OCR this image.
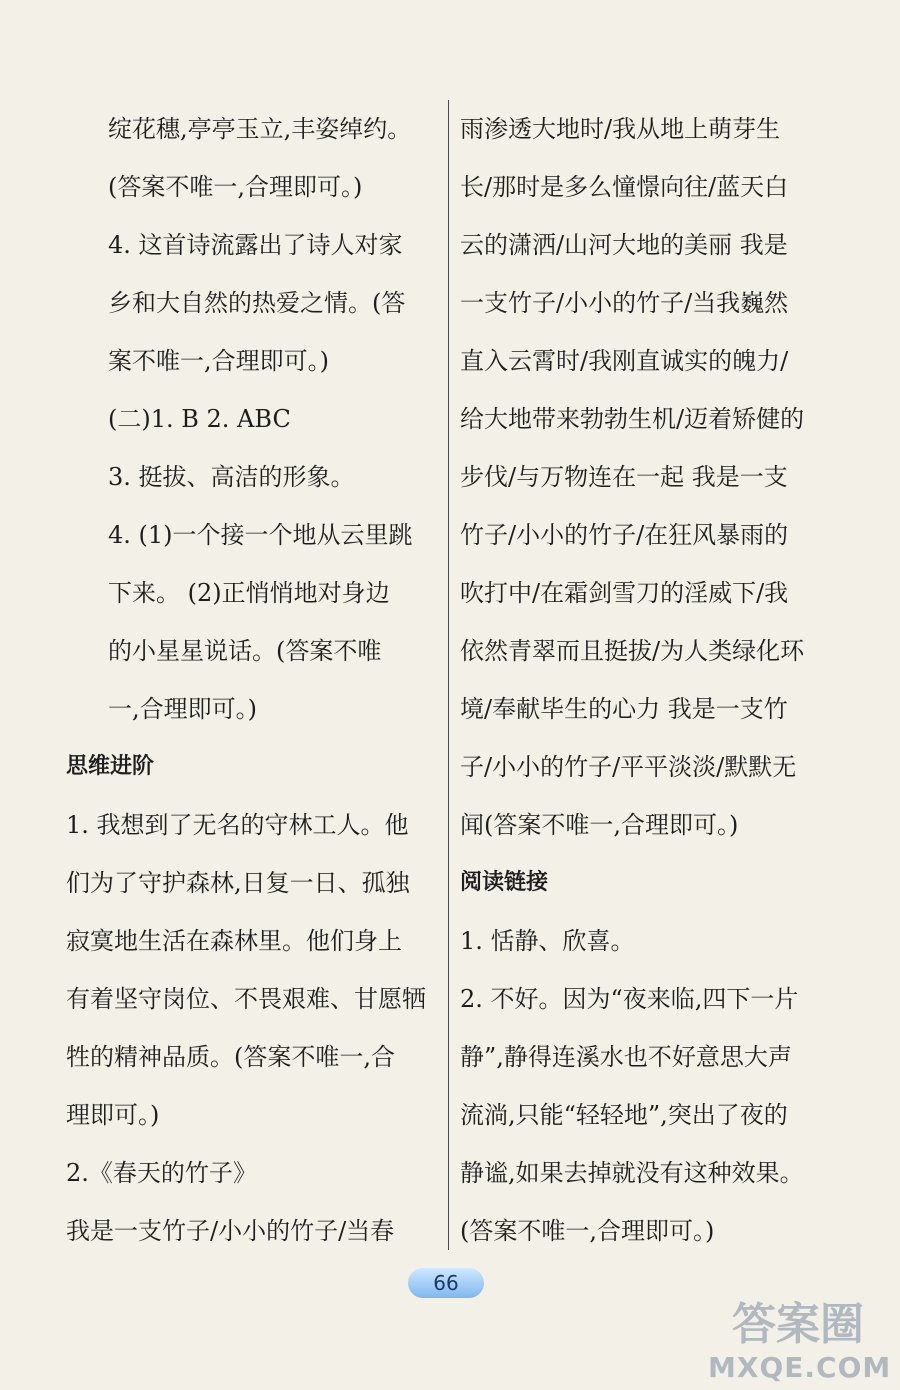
绽花穗,亭亭玉立,丰姿绰约。
(答案不唯一,合理即可。)
4. 这首诗流露出了诗人对家
乡和大自然的热爱之情。(答
案不唯一,合理即可。)
(二)1. B 2. ABC
3. 挺拔、高洁的形象。
4. (1)一个接一个地从云里跳
下来。 (2)正悄悄地对身边
的小星星说话。(答案不唯
一,合理即可。)
思维进阶
1. 我想到了无名的守林工人。他
们为了守护森林,日复一日、孤独
寂寞地生活在森林里。他们身上
有着坚守岗位、不畏艰难、甘愿牺
牲的精神品质。(答案不唯一,合
理即可。)
2.《春天的竹子》
我是一支竹子/小小的竹子/当春
雨渗透大地时/我从地上萌芽生
长/那时是多么憧憬向往/蓝天白
云的潇洒/山河大地的美丽 我是
一支竹子/小小的竹子/当我巍然
直入云霄时/我刚直诚实的魄力/
给大地带来勃勃生机/迈着矫健的
步伐/与万物连在一起 我是一支
竹子/小小的竹子/在狂风暴雨的
吹打中/在霜剑雪刀的淫威下/我
依然青翠而且挺拔/为人类绿化环
境/奉献毕生的心力 我是一支竹
子/小小的竹子/平平淡淡/默默无
闻(答案不唯一,合理即可。)
阅读链接
1. 恬静、欣喜。
2. 不好。因为“夜来临,四下一片
静”,静得连溪水也不好意思大声
流淌,只能“轻轻地”,突出了夜的
静谧,如果去掉就没有这种效果。
(答案不唯一,合理即可。)
66
答案圈
MXQE.COM
